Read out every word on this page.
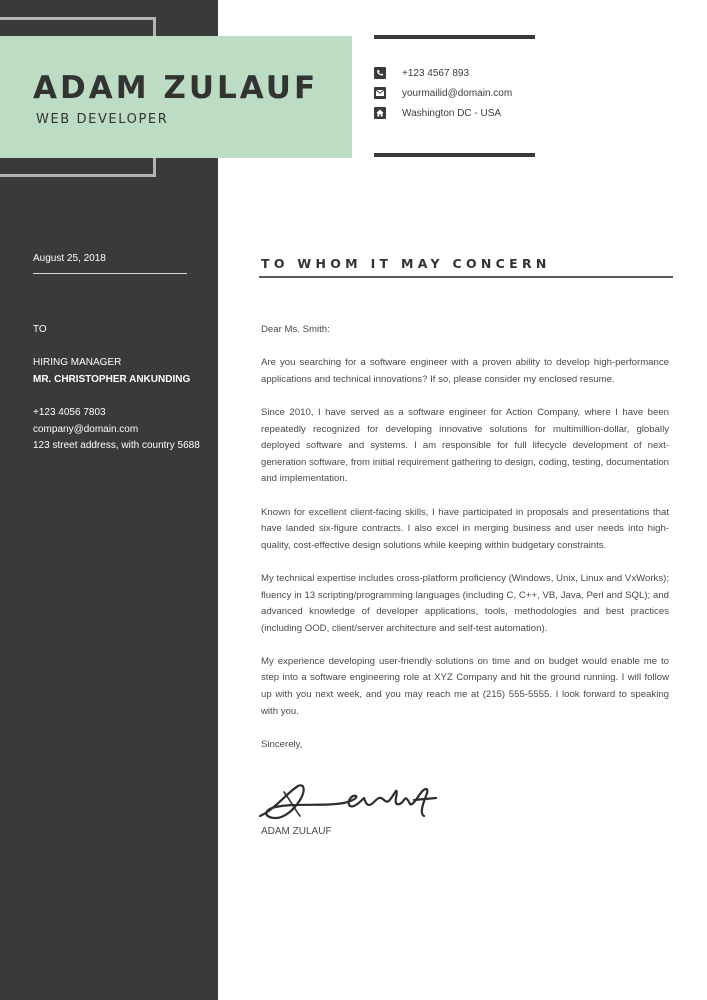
ADAM ZULAUF
WEB DEVELOPER
+123 4567 893
yourmailid@domain.com
Washington DC - USA
August 25, 2018
TO
HIRING MANAGER
MR. CHRISTOPHER ANKUNDING
+123 4056 7803
company@domain.com
123 street address, with country 5688
TO WHOM IT MAY CONCERN

Dear Ms. Smith:

Are you searching for a software engineer with a proven ability to develop high-performance applications and technical innovations? If so, please consider my enclosed resume.

Since 2010, I have served as a software engineer for Action Company, where I have been repeatedly recognized for developing innovative solutions for multimillion-dollar, globally deployed software and systems. I am responsible for full lifecycle development of next-generation software, from initial requirement gathering to design, coding, testing, documentation and implementation.

Known for excellent client-facing skills, I have participated in proposals and presentations that have landed six-figure contracts. I also excel in merging business and user needs into high-quality, cost-effective design solutions while keeping within budgetary constraints.

My technical expertise includes cross-platform proficiency (Windows, Unix, Linux and VxWorks); fluency in 13 scripting/programming languages (including C, C++, VB, Java, Perl and SQL); and advanced knowledge of developer applications, tools, methodologies and best practices (including OOD, client/server architecture and self-test automation).

My experience developing user-friendly solutions on time and on budget would enable me to step into a software engineering role at XYZ Company and hit the ground running. I will follow up with you next week, and you may reach me at (215) 555-5555. I look forward to speaking with you.

Sincerely,

ADAM ZULAUF
